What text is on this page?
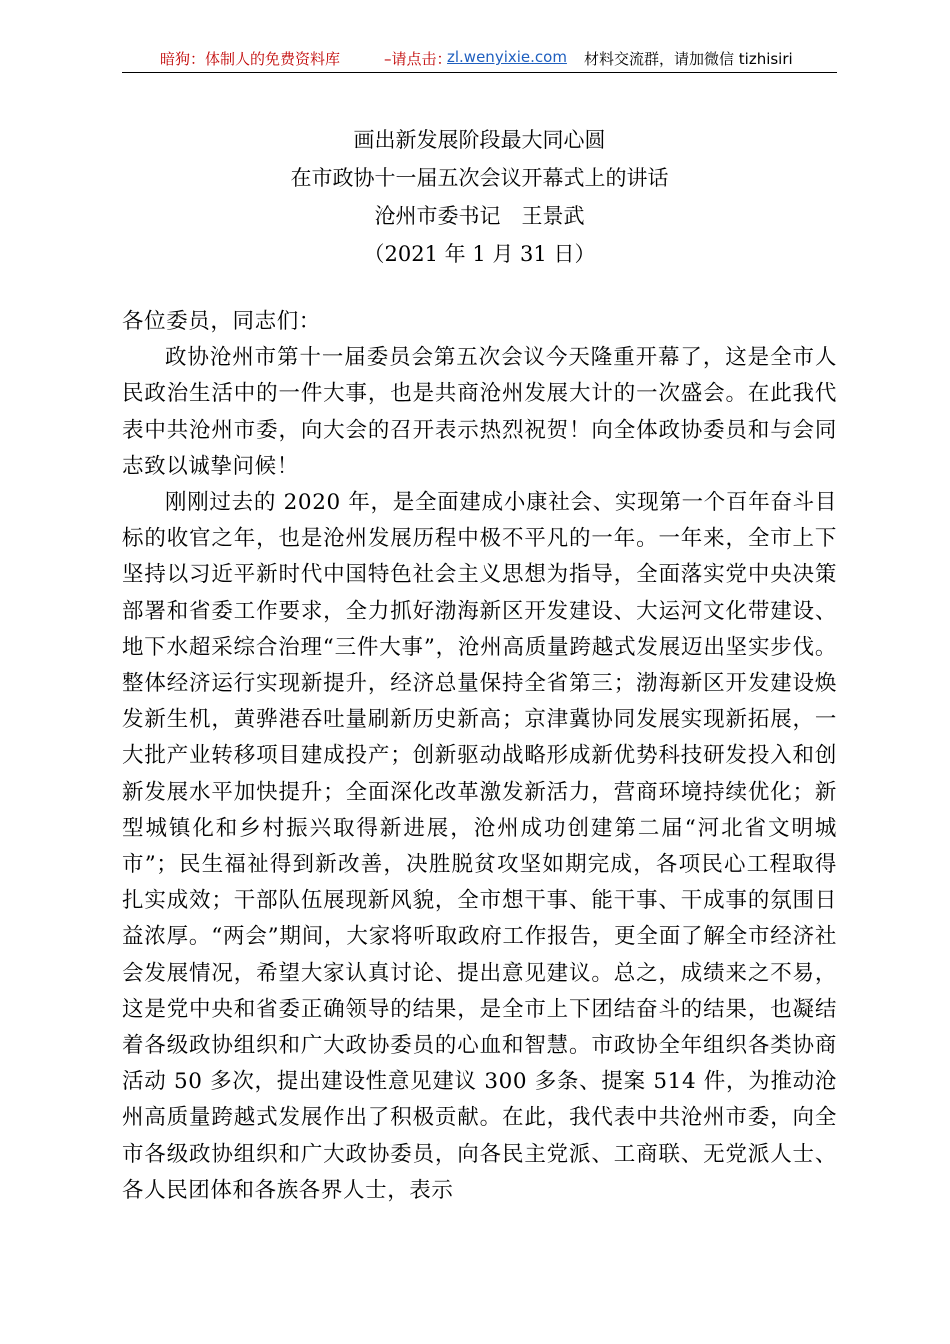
暗狗：体制人的免费资料库	–请点击：
zl.wenyixie.com 材料交流群，请加微信 tizhisiri
画出新发展阶段最大同心圆
在市政协十一届五次会议开幕式上的讲话
沧州市委书记　王景武
（2021 年 1 月 31 日）

各位委员，同志们：

政协沧州市第十一届委员会第五次会议今天隆重开幕了，这是全市人民政治生活中的一件大事，也是共商沧州发展大计的一次盛会。在此我代表中共沧州市委，向大会的召开表示热烈祝贺！向全体政协委员和与会同志致以诚挚问候！

刚刚过去的 2020 年，是全面建成小康社会、实现第一个百年奋斗目标的收官之年，也是沧州发展历程中极不平凡的一年。一年来，全市上下坚持以习近平新时代中国特色社会主义思想为指导，全面落实党中央决策部署和省委工作要求，全力抓好渤海新区开发建设、大运河文化带建设、地下水超采综合治理“三件大事”，沧州高质量跨越式发展迈出坚实步伐。整体经济运行实现新提升，经济总量保持全省第三；渤海新区开发建设焕发新生机，黄骅港吞吐量刷新历史新高；京津冀协同发展实现新拓展，一大批产业转移项目建成投产；创新驱动战略形成新优势科技研发投入和创新发展水平加快提升；全面深化改革激发新活力，营商环境持续优化；新型城镇化和乡村振兴取得新进展，沧州成功创建第二届“河北省文明城市”；民生福祉得到新改善，决胜脱贫攻坚如期完成，各项民心工程取得扎实成效；干部队伍展现新风貌，全市想干事、能干事、干成事的氛围日益浓厚。“两会”期间，大家将听取政府工作报告，更全面了解全市经济社会发展情况，希望大家认真讨论、提出意见建议。总之，成绩来之不易，这是党中央和省委正确领导的结果，是全市上下团结奋斗的结果，也凝结着各级政协组织和广大政协委员的心血和智慧。市政协全年组织各类协商活动 50 多次，提出建设性意见建议 300 多条、提案 514 件，为推动沧州高质量跨越式发展作出了积极贡献。在此，我代表中共沧州市委，向全市各级政协组织和广大政协委员，向各民主党派、工商联、无党派人士、各人民团体和各族各界人士，表示
